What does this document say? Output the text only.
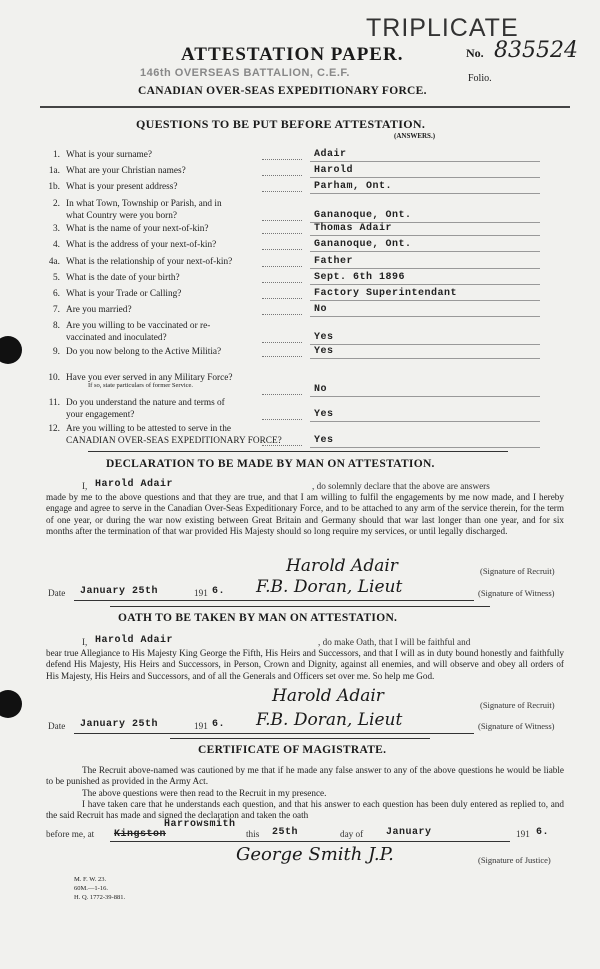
TRIPLICATE
No. 835524
Folio.
ATTESTATION PAPER.
146th OVERSEAS BATTALION, C.E.F.
CANADIAN OVER-SEAS EXPEDITIONARY FORCE.
QUESTIONS TO BE PUT BEFORE ATTESTATION.
(ANSWERS.)
1. What is your surname?	Adair
1a. What are your Christian names?	Harold
1b. What is your present address?	Parham, Ont.
2. In what Town, Township or Parish, and in
what Country were you born?	Gananoque, Ont.
3. What is the name of your next-of-kin?	Thomas Adair
4. What is the address of your next-of-kin?	Gananoque, Ont.
4a. What is the relationship of your next-of-kin?	Father
5. What is the date of your birth?	Sept. 6th 1896
6. What is your Trade or Calling?	Factory Superintendant
7. Are you married?	No
8. Are you willing to be vaccinated or re-
vaccinated and inoculated?	Yes
9. Do you now belong to the Active Militia?	Yes
10. Have you ever served in any Military Force?
If so, state particulars of former Service.	No
11. Do you understand the nature and terms of
your engagement?	Yes
12. Are you willing to be attested to serve in the
CANADIAN OVER-SEAS EXPEDITIONARY FORCE?	Yes
DECLARATION TO BE MADE BY MAN ON ATTESTATION.
I, Harold Adair	, do solemnly declare that the above are answers
made by me to the above questions and that they are true, and that I am willing to fulfil the engagements by me now made, and I hereby engage and agree to serve in the Canadian Over-Seas Expeditionary Force, and to be attached to any arm of the service therein, for the term of one year, or during the war now existing between Great Britain and Germany should that war last longer than one year, and for six months after the termination of that war provided His Majesty should so long require my services, or until legally discharged.
Harold Adair	(Signature of Recruit)
Date January 25th	191 6. F.B. Doran, Lieut	(Signature of Witness)
OATH TO BE TAKEN BY MAN ON ATTESTATION.
I, Harold Adair	, do make Oath, that I will be faithful and
bear true Allegiance to His Majesty King George the Fifth, His Heirs and Successors, and that I will as in duty bound honestly and faithfully defend His Majesty, His Heirs and Successors, in Person, Crown and Dignity, against all enemies, and will observe and obey all orders of His Majesty, His Heirs and Successors, and of all the Generals and Officers set over me. So help me God.
Harold Adair	(Signature of Recruit)
Date January 25th	191 6. F.B. Doran, Lieut	(Signature of Witness)
CERTIFICATE OF MAGISTRATE.
The Recruit above-named was cautioned by me that if he made any false answer to any of the above questions he would be liable to be punished as provided in the Army Act.
The above questions were then read to the Recruit in my presence.
I have taken care that he understands each question, and that his answer to each question has been duly entered as replied to, and the said Recruit has made and signed the declaration and taken the oath
before me, at Kingston
Harrowsmith
this 25th	day of January	191 6.
George Smith J.P.	(Signature of Justice)
M. F. W. 23.
60M.—1-16.
H. Q. 1772-39-881.
